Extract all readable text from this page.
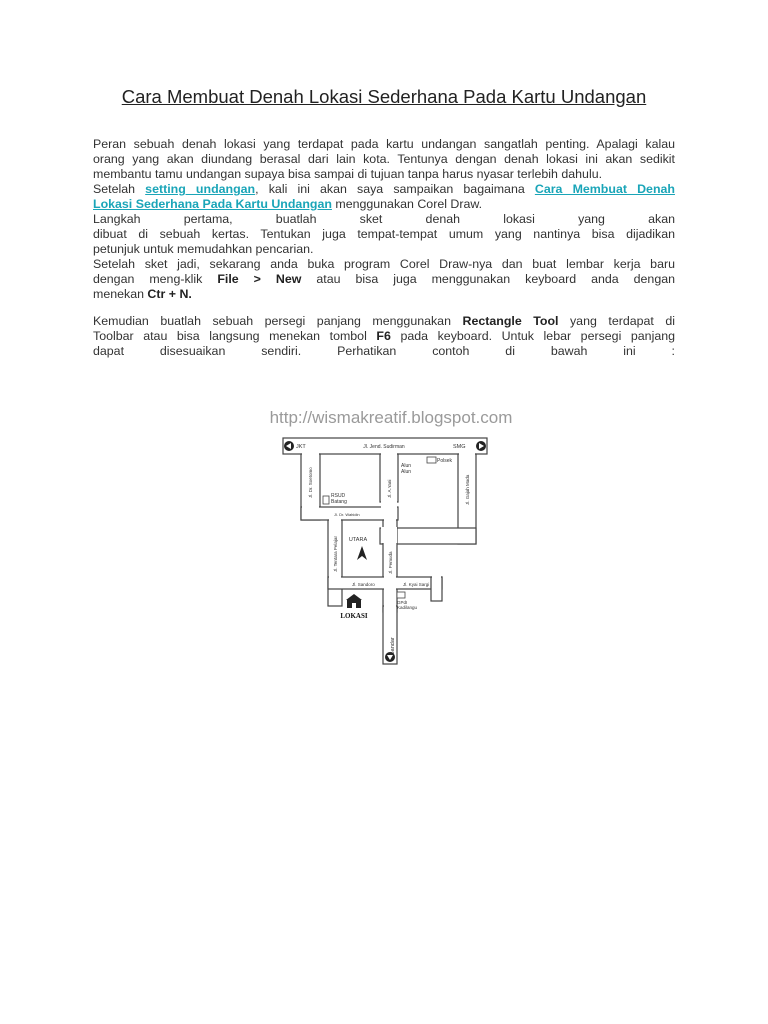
Cara Membuat Denah Lokasi Sederhana Pada Kartu Undangan
Peran sebuah denah lokasi yang terdapat pada kartu undangan sangatlah penting. Apalagi kalau
orang yang akan diundang berasal dari lain kota. Tentunya dengan denah lokasi ini akan sedikit
membantu tamu undangan supaya bisa sampai di tujuan tanpa harus nyasar terlebih dahulu.
Setelah setting undangan, kali ini akan saya sampaikan bagaimana Cara Membuat Denah
Lokasi Sederhana Pada Kartu Undangan menggunakan Corel Draw.
Langkah pertama, buatlah sket denah lokasi yang akan
dibuat di sebuah kertas. Tentukan juga tempat-tempat umum yang nantinya bisa dijadikan
petunjuk untuk memudahkan pencarian.
Setelah sket jadi, sekarang anda buka program Corel Draw-nya dan buat lembar kerja baru
dengan meng-klik File > New atau bisa juga menggunakan keyboard anda dengan
menekan Ctr + N.
Kemudian buatlah sebuah persegi panjang menggunakan Rectangle Tool yang terdapat di
Toolbar atau bisa langsung menekan tombol F6 pada keyboard. Untuk lebar persegi panjang
dapat disesuaikan sendiri. Perhatikan contoh di bawah ini :
http://wismakreatif.blogspot.com
JKT	SMG
Jl. Jend. Sudirman
Jl. Dr. Soetomo	Jl. A.Yani	Jl. Gajah Mada
Jl. Dr. Wahidin
Jl. Tentara Pelajar	Jl. Pemuda
Jl. Sandoro	Jl. Kyai Sargi
Bandar
Polsek
Alun Alun
RSUD Batang
GPdI Kadilangu
UTARA
LOKASI
